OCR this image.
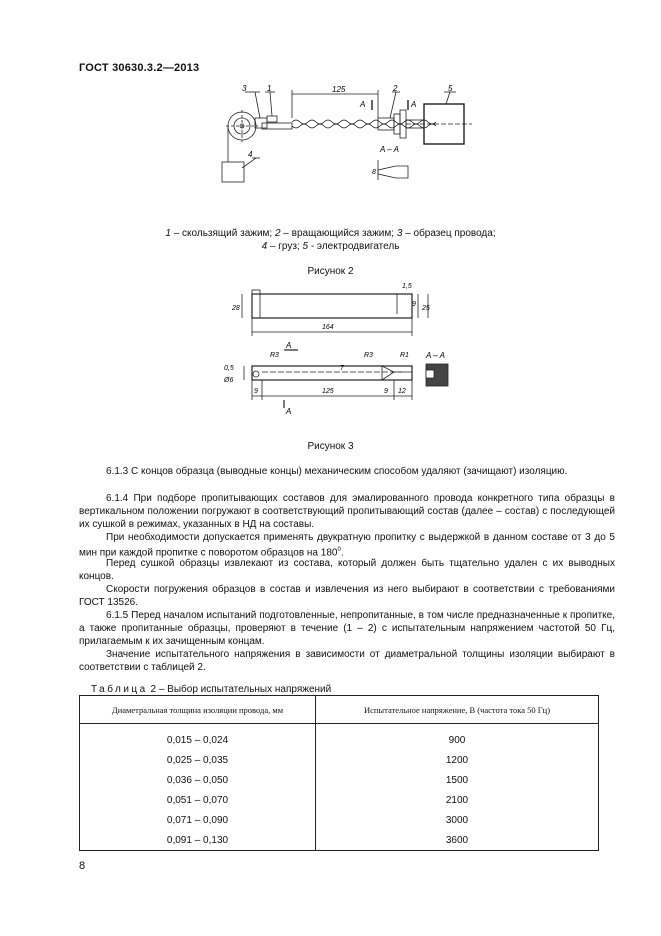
ГОСТ 30630.3.2—2013
125
3	1	2	5
4
A	A
A – A
8
1 – скользящий зажим; 2 – вращающийся зажим; 3 – образец провода;
4 – груз; 5 - электродвигатель
Рисунок 2
28
164
1,5
9
25
125
9	12
9
0,5
Ø6
R3	R3	R1
7
A
A
A – A
Рисунок 3
6.1.3 С концов образца (выводные концы) механическим способом удаляют (зачищают) изоляцию.
6.1.4 При подборе пропитывающих составов для эмалированного провода конкретного типа образцы в вертикальном положении погружают в соответствующий пропитывающий состав (далее – состав) с последующей их сушкой в режимах, указанных в НД на составы.
При необходимости допускается применять двукратную пропитку с выдержкой в данном составе от 3 до 5 мин при каждой пропитке с поворотом образцов на $180^0$.
Перед сушкой образцы извлекают из состава, который должен быть тщательно удален с их выводных концов.
Скорости погружения образцов в состав и извлечения из него выбирают в соответствии с требованиями ГОСТ 13526.
6.1.5 Перед началом испытаний подготовленные, непропитанные, в том числе предназначенные к пропитке, а также пропитанные образцы, проверяют в течение (1 – 2) с испытательным напряжением частотой 50 Гц, прилагаемым к их зачищенным концам.
Значение испытательного напряжения в зависимости от диаметральной толщины изоляции выбирают в соответствии с таблицей 2.
Таблица 2 – Выбор испытательных напряжений
Диаметральная толщина изоляции провода, мм	Испытательное напряжение, В (частота тока 50 Гц)
0,015 – 0,024	900
0,025 – 0,035	1200
0,036 – 0,050	1500
0,051 – 0,070	2100
0,071 – 0,090	3000
0,091 – 0,130	3600
8
